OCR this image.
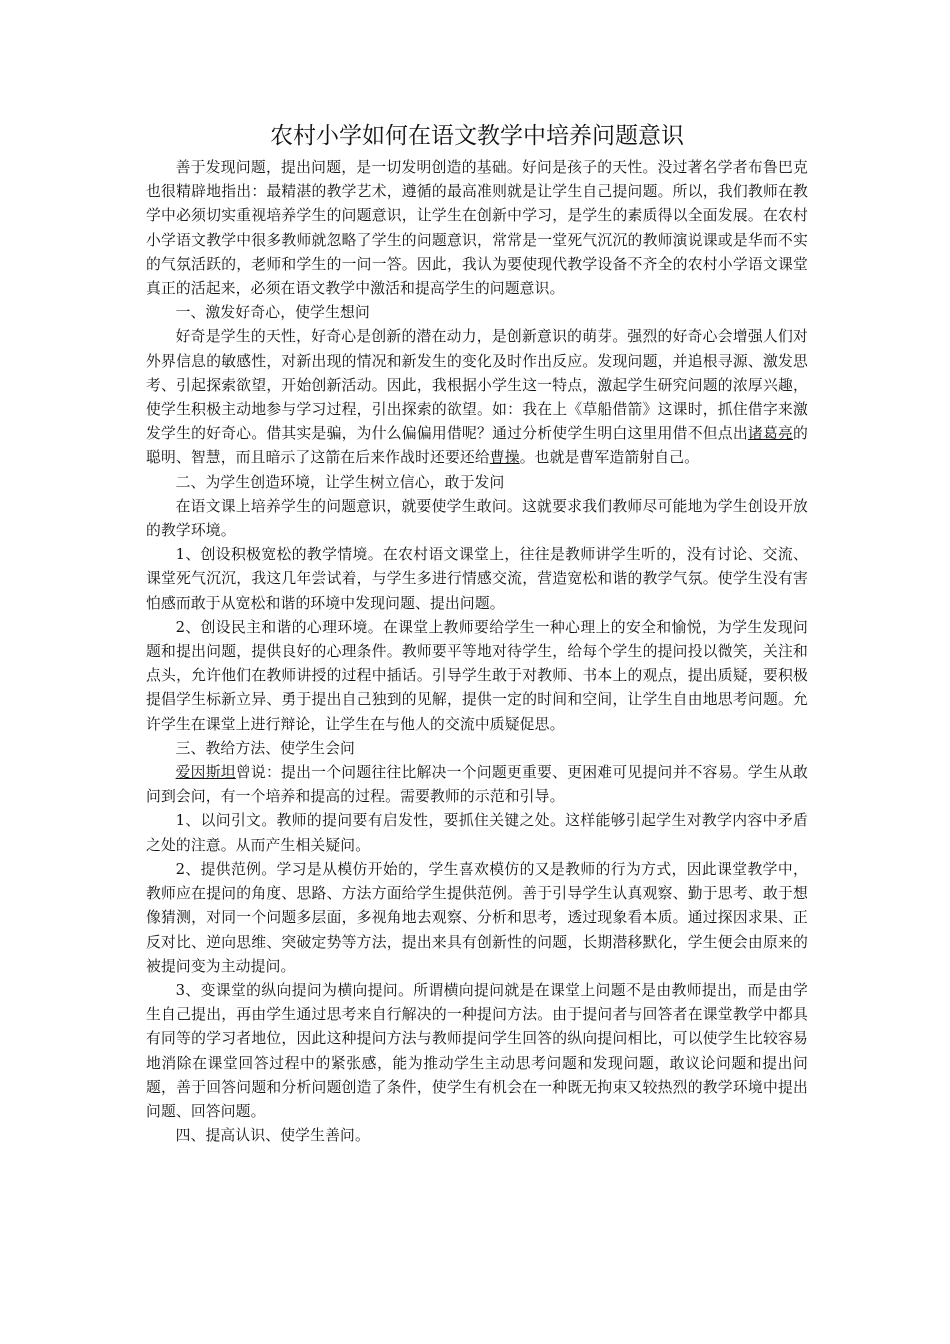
农村小学如何在语文教学中培养问题意识

善于发现问题，提出问题，是一切发明创造的基础。好问是孩子的天性。没过著名学者布鲁巴克也很精辟地指出：最精湛的教学艺术，遵循的最高准则就是让学生自己提问题。所以，我们教师在教学中必须切实重视培养学生的问题意识，让学生在创新中学习，是学生的素质得以全面发展。在农村小学语文教学中很多教师就忽略了学生的问题意识，常常是一堂死气沉沉的教师演说课或是华而不实的气氛活跃的，老师和学生的一问一答。因此，我认为要使现代教学设备不齐全的农村小学语文课堂真正的活起来，必须在语文教学中激活和提高学生的问题意识。

一、激发好奇心，使学生想问

好奇是学生的天性，好奇心是创新的潜在动力，是创新意识的萌芽。强烈的好奇心会增强人们对外界信息的敏感性，对新出现的情况和新发生的变化及时作出反应。发现问题，并追根寻源、激发思考、引起探索欲望，开始创新活动。因此，我根据小学生这一特点，激起学生研究问题的浓厚兴趣，使学生积极主动地参与学习过程，引出探索的欲望。如：我在上《草船借箭》这课时，抓住借字来激发学生的好奇心。借其实是骗，为什么偏偏用借呢？通过分析使学生明白这里用借不但点出诸葛亮的聪明、智慧，而且暗示了这箭在后来作战时还要还给曹操。也就是曹军造箭射自己。

二、为学生创造环境，让学生树立信心，敢于发问

在语文课上培养学生的问题意识，就要使学生敢问。这就要求我们教师尽可能地为学生创设开放的教学环境。

1、创设积极宽松的教学情境。在农村语文课堂上，往往是教师讲学生听的，没有讨论、交流、课堂死气沉沉，我这几年尝试着，与学生多进行情感交流，营造宽松和谐的教学气氛。使学生没有害怕感而敢于从宽松和谐的环境中发现问题、提出问题。

2、创设民主和谐的心理环境。在课堂上教师要给学生一种心理上的安全和愉悦，为学生发现问题和提出问题，提供良好的心理条件。教师要平等地对待学生，给每个学生的提问投以微笑，关注和点头，允许他们在教师讲授的过程中插话。引导学生敢于对教师、书本上的观点，提出质疑，要积极提倡学生标新立异、勇于提出自己独到的见解，提供一定的时间和空间，让学生自由地思考问题。允许学生在课堂上进行辩论，让学生在与他人的交流中质疑促思。

三、教给方法、使学生会问

爱因斯坦曾说：提出一个问题往往比解决一个问题更重要、更困难可见提问并不容易。学生从敢问到会问，有一个培养和提高的过程。需要教师的示范和引导。

1、以问引文。教师的提问要有启发性，要抓住关键之处。这样能够引起学生对教学内容中矛盾之处的注意。从而产生相关疑问。

2、提供范例。学习是从模仿开始的，学生喜欢模仿的又是教师的行为方式，因此课堂教学中，教师应在提问的角度、思路、方法方面给学生提供范例。善于引导学生认真观察、勤于思考、敢于想像猜测，对同一个问题多层面，多视角地去观察、分析和思考，透过现象看本质。通过探因求果、正反对比、逆向思维、突破定势等方法，提出来具有创新性的问题，长期潜移默化，学生便会由原来的被提问变为主动提问。

3、变课堂的纵向提问为横向提问。所谓横向提问就是在课堂上问题不是由教师提出，而是由学生自己提出，再由学生通过思考来自行解决的一种提问方法。由于提问者与回答者在课堂教学中都具有同等的学习者地位，因此这种提问方法与教师提问学生回答的纵向提问相比，可以使学生比较容易地消除在课堂回答过程中的紧张感，能为推动学生主动思考问题和发现问题，敢议论问题和提出问题，善于回答问题和分析问题创造了条件，使学生有机会在一种既无拘束又较热烈的教学环境中提出问题、回答问题。

四、提高认识、使学生善问。
